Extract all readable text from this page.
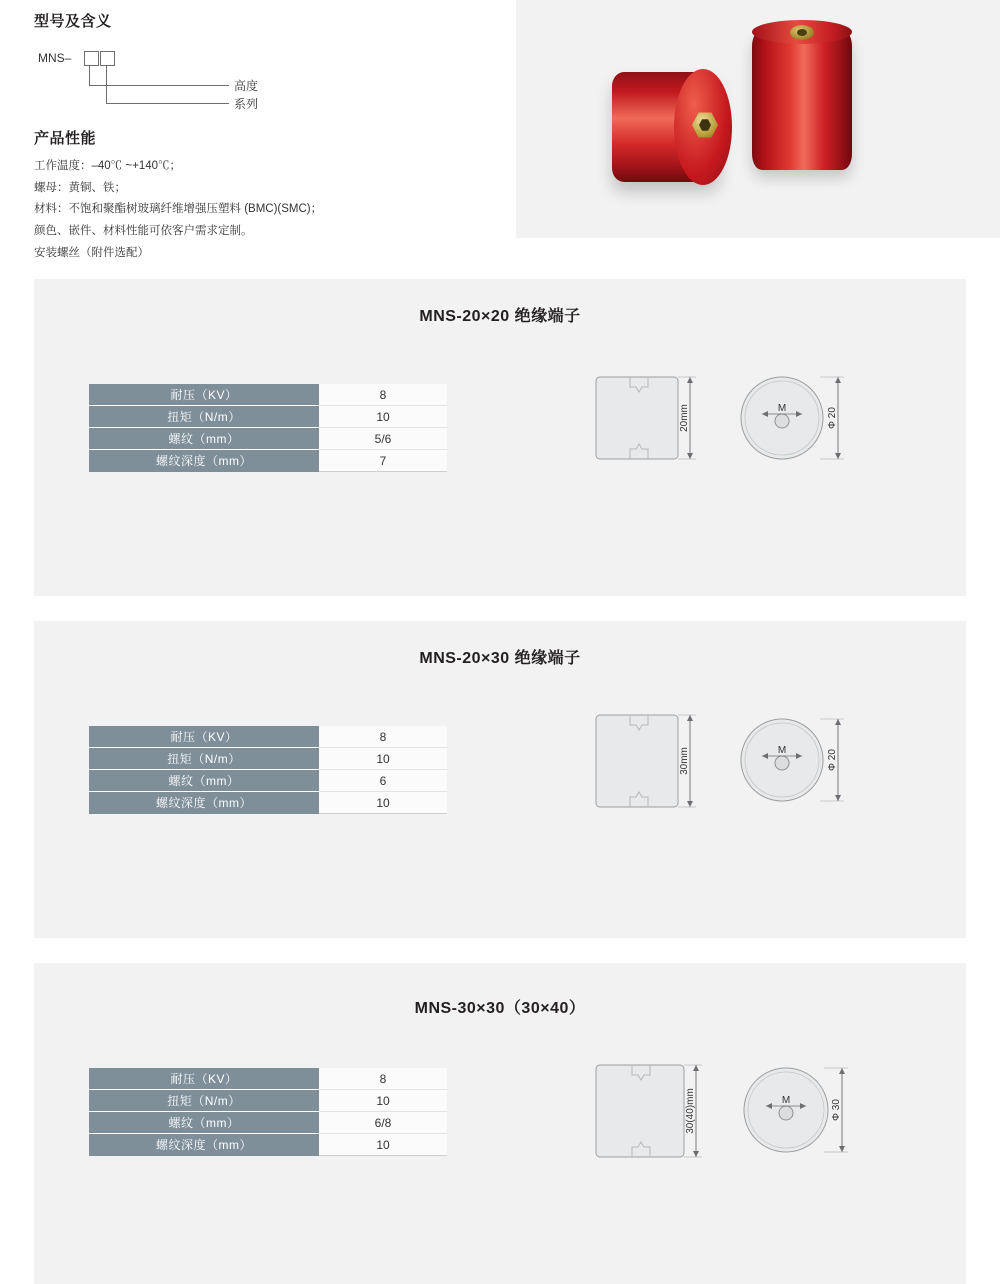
型号及含义
MNS–
高度
系列
产品性能

工作温度：–40℃ ~+140℃；

螺母：黄铜、铁；

材料：不饱和聚酯树玻璃纤维增强压塑料 (BMC)(SMC)；

颜色、嵌件、材料性能可依客户需求定制。

安装螺丝（附件选配）

MNS-20×20 绝缘端子
耐压（KV）	8
扭矩（N/m）	10
螺纹（mm）	5/6
螺纹深度（mm）	7
20mm	M	Φ 20
MNS-20×30 绝缘端子
耐压（KV）	8
扭矩（N/m）	10
螺纹（mm）	6
螺纹深度（mm）	10
30mm	M	Φ 20
MNS-30×30（30×40）
耐压（KV）	8
扭矩（N/m）	10
螺纹（mm）	6/8
螺纹深度（mm）	10
30(40)mm	M	Φ 30
